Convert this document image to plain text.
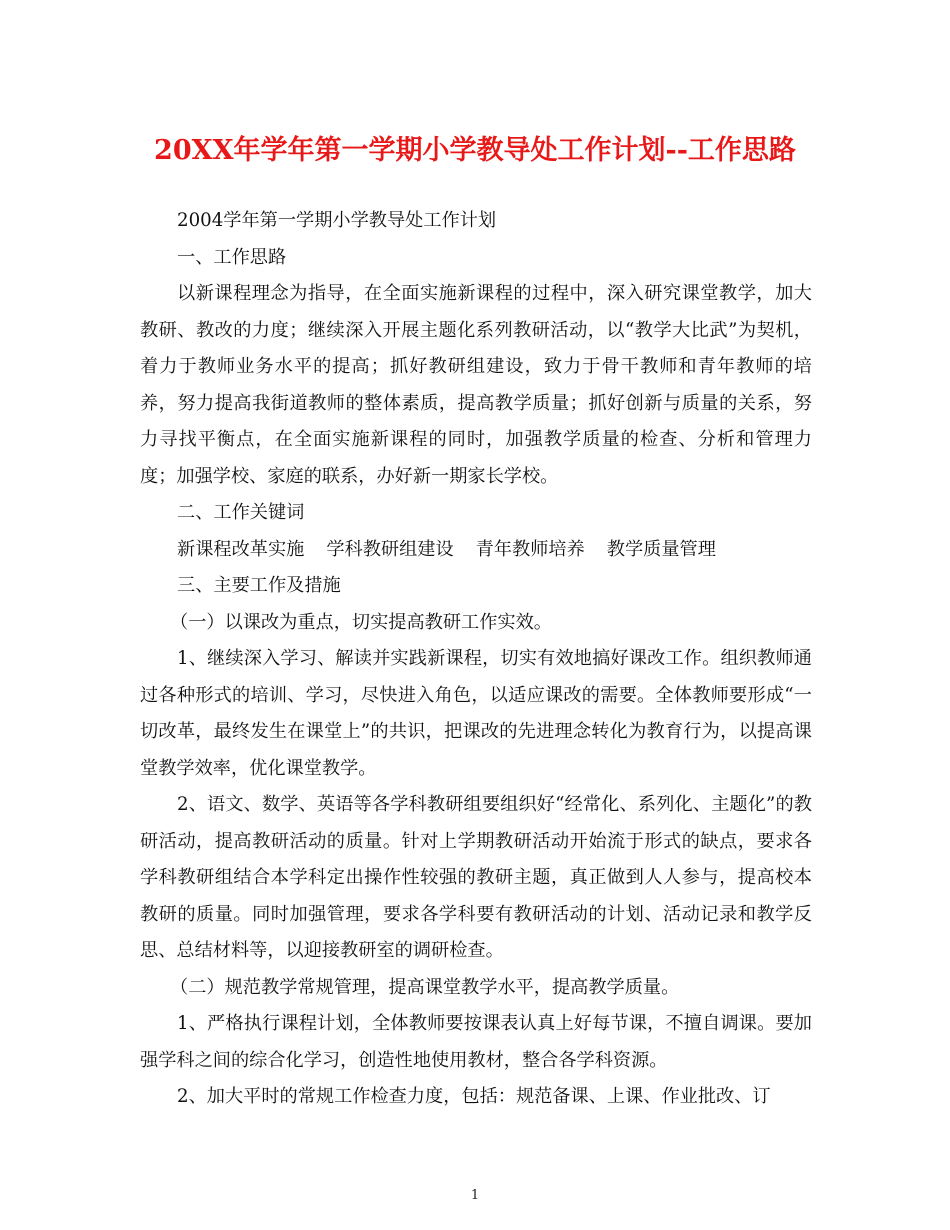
20XX年学年第一学期小学教导处工作计划--工作思路

2004学年第一学期小学教导处工作计划

一、工作思路

以新课程理念为指导，在全面实施新课程的过程中，深入研究课堂教学，加大教研、教改的力度；继续深入开展主题化系列教研活动，以“教学大比武”为契机，着力于教师业务水平的提高；抓好教研组建设，致力于骨干教师和青年教师的培养，努力提高我街道教师的整体素质，提高教学质量；抓好创新与质量的关系，努力寻找平衡点，在全面实施新课程的同时，加强教学质量的检查、分析和管理力度；加强学校、家庭的联系，办好新一期家长学校。

二、工作关键词

新课程改革实施 学科教研组建设 青年教师培养 教学质量管理

三、主要工作及措施

（一）以课改为重点，切实提高教研工作实效。

1、继续深入学习、解读并实践新课程，切实有效地搞好课改工作。组织教师通过各种形式的培训、学习，尽快进入角色，以适应课改的需要。全体教师要形成“一切改革，最终发生在课堂上”的共识，把课改的先进理念转化为教育行为，以提高课堂教学效率，优化课堂教学。

2、语文、数学、英语等各学科教研组要组织好“经常化、系列化、主题化”的教研活动，提高教研活动的质量。针对上学期教研活动开始流于形式的缺点，要求各学科教研组结合本学科定出操作性较强的教研主题，真正做到人人参与，提高校本教研的质量。同时加强管理，要求各学科要有教研活动的计划、活动记录和教学反思、总结材料等，以迎接教研室的调研检查。

（二）规范教学常规管理，提高课堂教学水平，提高教学质量。

1、严格执行课程计划，全体教师要按课表认真上好每节课，不擅自调课。要加强学科之间的综合化学习，创造性地使用教材，整合各学科资源。

2、加大平时的常规工作检查力度，包括：规范备课、上课、作业批改、订

1
